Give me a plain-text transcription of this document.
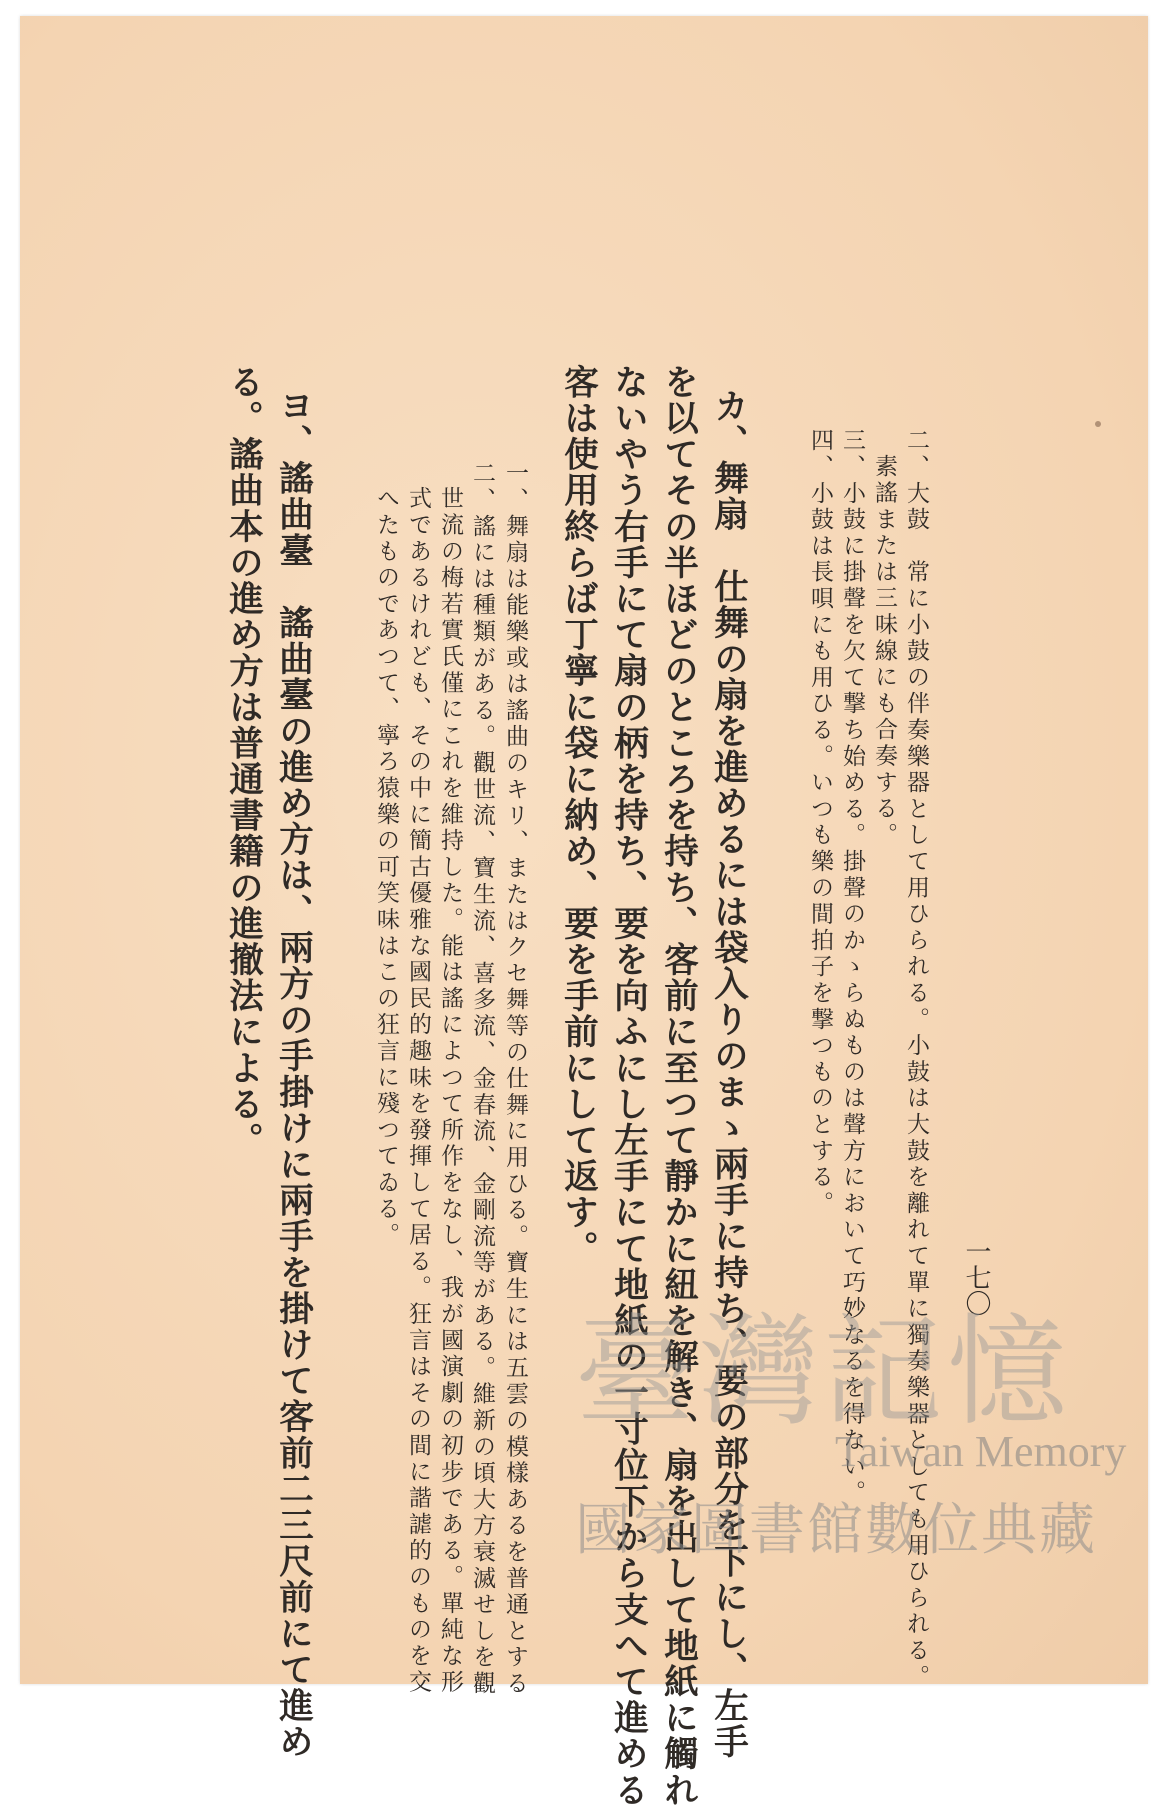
一七〇
二、大鼓　常に小鼓の伴奏樂器として用ひられる。小鼓は大鼓を離れて單に獨奏樂器としても用ひられる。
素謠または三味線にも合奏する。
三、小鼓に掛聲を欠て撃ち始める。掛聲のかゝらぬものは聲方において巧妙なるを得ない。
四、小鼓は長唄にも用ひる。いつも樂の間拍子を撃つものとする。
カ、舞扇　仕舞の扇を進めるには袋入りのまゝ兩手に持ち、要の部分を下にし、左手
を以てその半ほどのところを持ち、客前に至つて靜かに紐を解き、扇を出して地紙に觸れ
ないやう右手にて扇の柄を持ち、要を向ふにし左手にて地紙の一寸位下から支へて進める
客は使用終らば丁寧に袋に納め、要を手前にして返す。
一、舞扇は能樂或は謠曲のキリ、またはクセ舞等の仕舞に用ひる。寶生には五雲の模樣あるを普通とする
二、謠には種類がある。觀世流、寶生流、喜多流、金春流、金剛流等がある。維新の頃大方衰滅せしを觀
世流の梅若實氏僅にこれを維持した。能は謠によつて所作をなし、我が國演劇の初步である。單純な形
式であるけれども、その中に簡古優雅な國民的趣味を發揮して居る。狂言はその間に諧謔的のものを交
へたものであつて、寧ろ猿樂の可笑味はこの狂言に殘つてゐる。
ヨ、謠曲臺　謠曲臺の進め方は、兩方の手掛けに兩手を掛けて客前二三尺前にて進め
る。謠曲本の進め方は普通書籍の進撤法による。
臺灣記憶
Taiwan Memory
國家圖書館數位典藏
